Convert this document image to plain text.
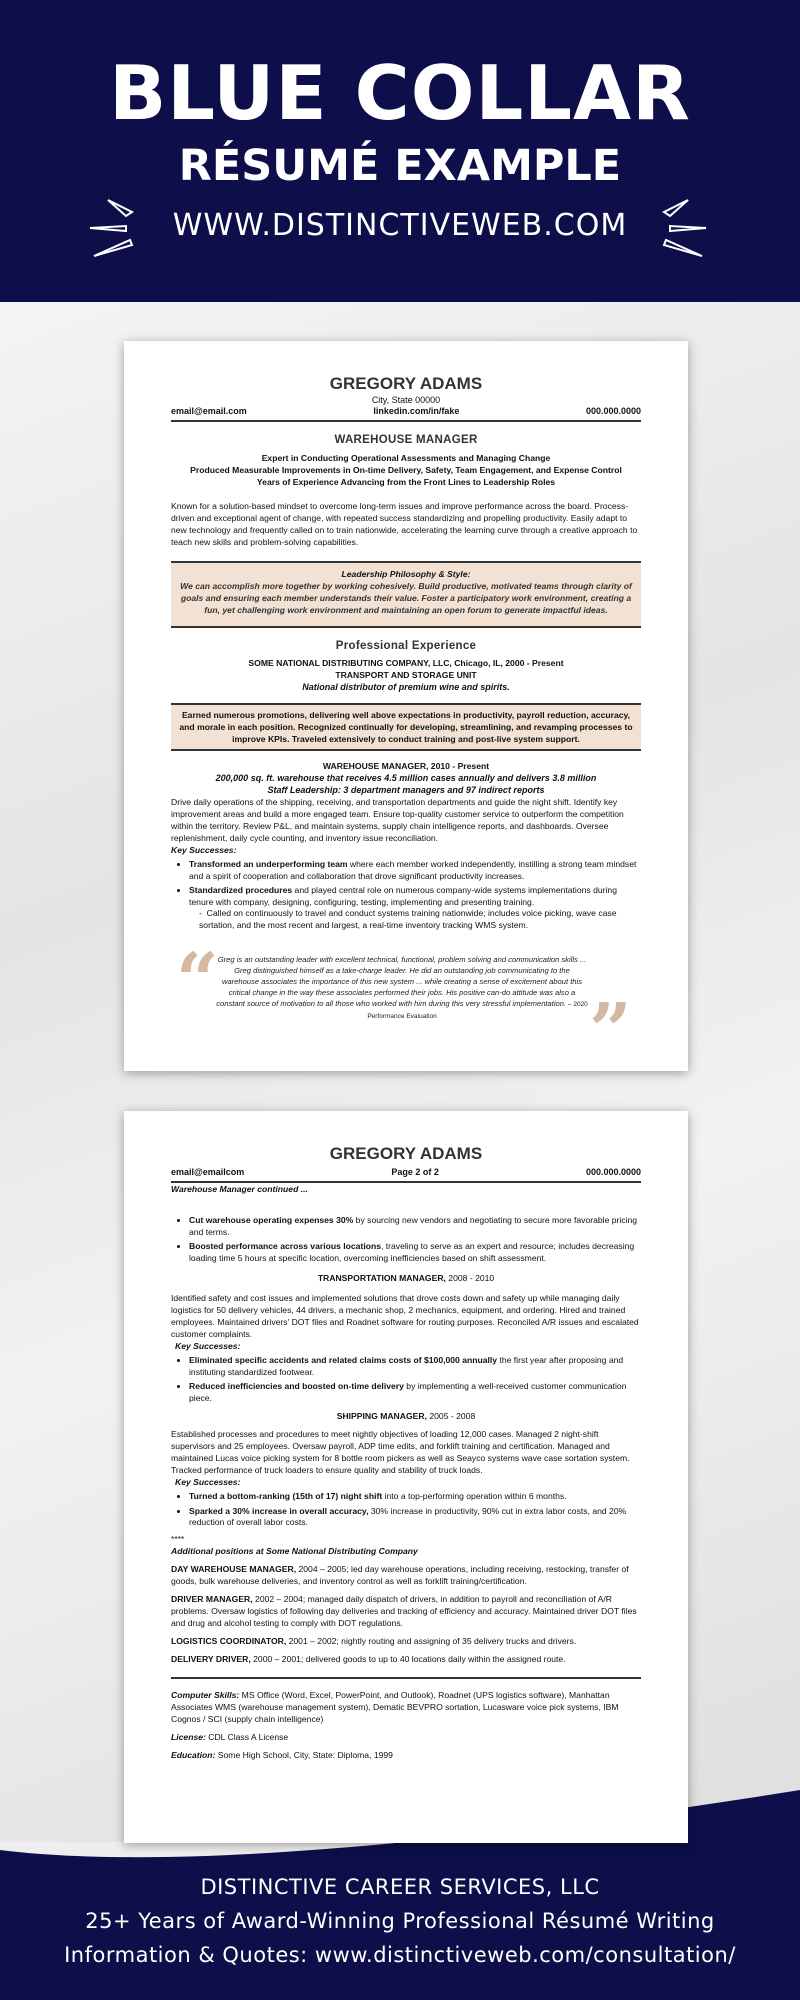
BLUE COLLAR
RÉSUMÉ EXAMPLE
WWW.DISTINCTIVEWEB.COM
DISTINCTIVE CAREER SERVICES, LLC
25+ Years of Award-Winning Professional Résumé Writing
Information & Quotes: www.distinctiveweb.com/consultation/

GREGORY ADAMS

City, State 00000

email@email.com	linkedin.com/in/fake	000.000.0000

WAREHOUSE MANAGER

Expert in Conducting Operational Assessments and Managing Change

Produced Measurable Improvements in On-time Delivery, Safety, Team Engagement, and Expense Control

Years of Experience Advancing from the Front Lines to Leadership Roles

Known for a solution-based mindset to overcome long-term issues and improve performance across the board. Process-driven and exceptional agent of change, with repeated success standardizing and propelling productivity. Easily adapt to new technology and frequently called on to train nationwide, accelerating the learning curve through a creative approach to teach new skills and problem-solving capabilities.

Leadership Philosophy & Style:

We can accomplish more together by working cohesively. Build productive, motivated teams through clarity of goals and ensuring each member understands their value. Foster a participatory work environment, creating a fun, yet challenging work environment and maintaining an open forum to generate impactful ideas.

Professional Experience

SOME NATIONAL DISTRIBUTING COMPANY, LLC, Chicago, IL, 2000 - Present

TRANSPORT AND STORAGE UNIT

National distributor of premium wine and spirits.

Earned numerous promotions, delivering well above expectations in productivity, payroll reduction, accuracy, and morale in each position. Recognized continually for developing, streamlining, and revamping processes to improve KPIs. Traveled extensively to conduct training and post-live system support.

WAREHOUSE MANAGER, 2010 - Present

200,000 sq. ft. warehouse that receives 4.5 million cases annually and delivers 3.8 million

Staff Leadership: 3 department managers and 97 indirect reports

Drive daily operations of the shipping, receiving, and transportation departments and guide the night shift. Identify key improvement areas and build a more engaged team. Ensure top-quality customer service to outperform the competition within the territory. Review P&L, and maintain systems, supply chain intelligence reports, and dashboards. Oversee replenishment, daily cycle counting, and inventory issue reconciliation.

Key Successes:

• Transformed an underperforming team where each member worked independently, instilling a strong team mindset and a spirit of cooperation and collaboration that drove significant productivity increases.
• Standardized procedures and played central role on numerous company-wide systems implementations during tenure with company, designing, configuring, testing, implementing and presenting training.
-  Called on continuously to travel and conduct systems training nationwide; includes voice picking, wave case sortation, and the most recent and largest, a real-time inventory tracking WMS system.
“ Greg is an outstanding leader with excellent technical, functional, problem solving and communication skills ... Greg distinguished himself as a take-charge leader. He did an outstanding job communicating to the warehouse associates the importance of this new system ... while creating a sense of excitement about this critical change in the way these associates performed their jobs. His positive can-do attitude was also a constant source of motivation to all those who worked with him during this very stressful implementation. – 2020 Performance Evaluation	”

GREGORY ADAMS

email@emailcom	Page 2 of 2	000.000.0000

Warehouse Manager continued ...

• Cut warehouse operating expenses 30% by sourcing new vendors and negotiating to secure more favorable pricing and terms.
• Boosted performance across various locations, traveling to serve as an expert and resource; includes decreasing loading time 5 hours at specific location, overcoming inefficiencies based on shift assessment.

TRANSPORTATION MANAGER, 2008 - 2010

Identified safety and cost issues and implemented solutions that drove costs down and safety up while managing daily logistics for 50 delivery vehicles, 44 drivers, a mechanic shop, 2 mechanics, equipment, and ordering. Hired and trained employees. Maintained drivers' DOT files and Roadnet software for routing purposes. Reconciled A/R issues and escalated customer complaints.

Key Successes:

• Eliminated specific accidents and related claims costs of $100,000 annually the first year after proposing and instituting standardized footwear.
• Reduced inefficiencies and boosted on-time delivery by implementing a well-received customer communication piece.

SHIPPING MANAGER, 2005 - 2008

Established processes and procedures to meet nightly objectives of loading 12,000 cases. Managed 2 night-shift supervisors and 25 employees. Oversaw payroll, ADP time edits, and forklift training and certification. Managed and maintained Lucas voice picking system for 8 bottle room pickers as well as Seayco systems wave case sortation system. Tracked performance of truck loaders to ensure quality and stability of truck loads.

Key Successes:

• Turned a bottom-ranking (15th of 17) night shift into a top-performing operation within 6 months.
• Sparked a 30% increase in overall accuracy, 30% increase in productivity, 90% cut in extra labor costs, and 20% reduction of overall labor costs.

****

Additional positions at Some National Distributing Company

DAY WAREHOUSE MANAGER, 2004 – 2005; led day warehouse operations, including receiving, restocking, transfer of goods, bulk warehouse deliveries, and inventory control as well as forklift training/certification.

DRIVER MANAGER, 2002 – 2004; managed daily dispatch of drivers, in addition to payroll and reconciliation of A/R problems. Oversaw logistics of following day deliveries and tracking of efficiency and accuracy. Maintained driver DOT files and drug and alcohol testing to comply with DOT regulations.

LOGISTICS COORDINATOR, 2001 – 2002; nightly routing and assigning of 35 delivery trucks and drivers.

DELIVERY DRIVER, 2000 – 2001; delivered goods to up to 40 locations daily within the assigned route.

Computer Skills: MS Office (Word, Excel, PowerPoint, and Outlook), Roadnet (UPS logistics software), Manhattan Associates WMS (warehouse management system), Dematic BEVPRO sortation, Lucasware voice pick systems, IBM Cognos / SCI (supply chain intelligence)

License: CDL Class A License

Education: Some High School, City, State: Diploma, 1999
